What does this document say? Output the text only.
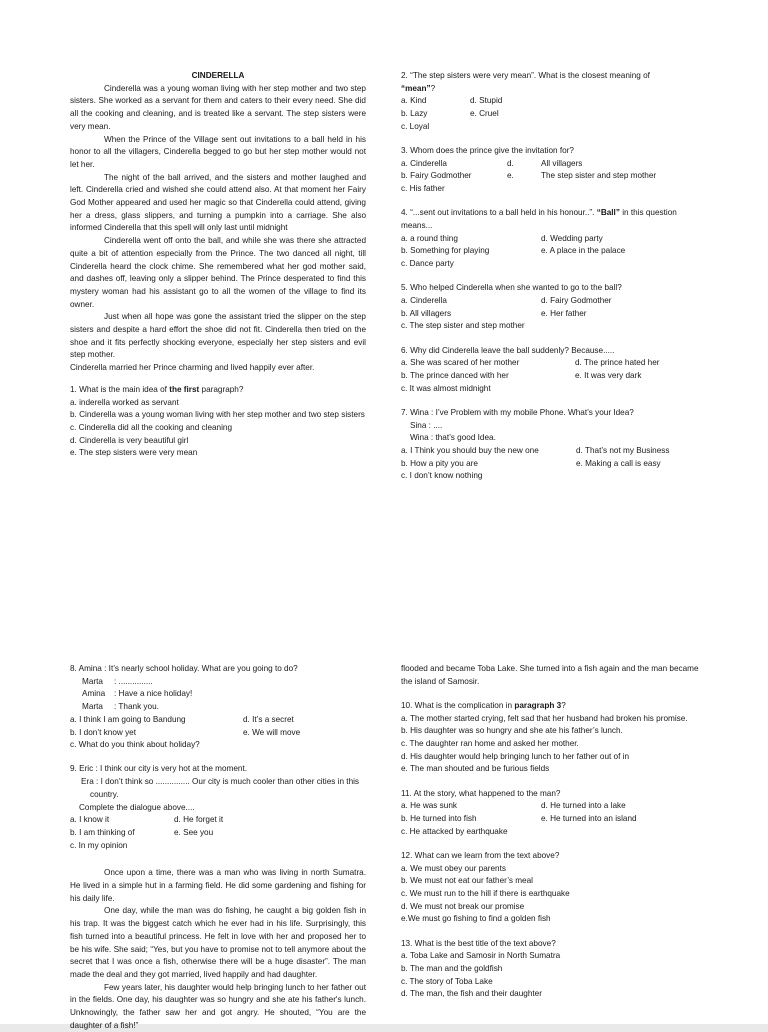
CINDERELLA

Cinderella was a young woman living with her step mother and two step sisters. She worked as a servant for them and caters to their every need. She did all the cooking and cleaning, and is treated like a servant. The step sisters were very mean.

When the Prince of the Village sent out invitations to a ball held in his honor to all the villagers, Cinderella begged to go but her step mother would not let her.

The night of the ball arrived, and the sisters and mother laughed and left. Cinderella cried and wished she could attend also. At that moment her Fairy God Mother appeared and used her magic so that Cinderella could attend, giving her a dress, glass slippers, and turning a pumpkin into a carriage. She also informed Cinderella that this spell will only last until midnight

Cinderella went off onto the ball, and while she was there she attracted quite a bit of attention especially from the Prince. The two danced all night, till Cinderella heard the clock chime. She remembered what her god mother said, and dashes off, leaving only a slipper behind. The Prince desperated to find this mystery woman had his assistant go to all the women of the village to find its owner.

Just when all hope was gone the assistant tried the slipper on the step sisters and despite a hard effort the shoe did not fit. Cinderella then tried on the shoe and it fits perfectly shocking everyone, especially her step sisters and evil step mother.

Cinderella married her Prince charming and lived happily ever after.

1. What is the main idea of the first paragraph?

a. inderella worked as servant

b. Cinderella was a young woman living with her step mother and two step sisters

c. Cinderella did all the cooking and cleaning

d. Cinderella is very beautiful girl

e. The step sisters were very mean

2. “The step sisters were very mean”. What is the closest meaning of

“mean”?

a. Kind	d. Stupid
b. Lazy	e. Cruel
c. Loyal

3. Whom does the prince give the invitation for?

a. Cinderella	d.	All villagers
b. Fairy Godmother	e.	The step sister and step mother
c. His father

4. “...sent out invitations to a ball held in his honour..”. “Ball” in this question means...

a. a round thing	d. Wedding party
b. Something for playing	e. A place in the palace
c. Dance party

5. Who helped Cinderella when she wanted to go to the ball?

a. Cinderella	d. Fairy Godmother
b. All villagers	e. Her father
c. The step sister and step mother

6. Why did Cinderella leave the ball suddenly? Because.....

a. She was scared of her mother	d. The prince hated her
b. The prince danced with her	e. It was very dark
c. It was almost midnight

7. Wina : I’ve Problem with my mobile Phone. What’s your Idea?

Sina : ....

Wina : that’s good Idea.

a. I Think you should buy the new one	d. That’s not my Business
b. How a pity you are	e. Making a call is easy
c. I don’t know nothing

8. Amina : It’s nearly school holiday. What are you going to do?

Marta : ...............

Amina : Have a nice holiday!

Marta : Thank you.

a. I think I am going to Bandung	d. It’s a secret
b. I don’t know yet	e. We will move
c. What do you think about holiday?

9. Eric : I think our city is very hot at the moment.

Era : I don’t think so ............... Our city is much cooler than other cities in this country.

Complete the dialogue above....

a. I know it	d. He forget it
b. I am thinking of	e. See you
c. In my opinion

Once upon a time, there was a man who was living in north Sumatra. He lived in a simple hut in a farming field. He did some gardening and fishing for his daily life.

One day, while the man was do fishing, he caught a big golden fish in his trap. It was the biggest catch which he ever had in his life. Surprisingly, this fish turned into a beautiful princess. He felt in love with her and proposed her to be his wife. She said; “Yes, but you have to promise not to tell anymore about the secret that I was once a fish, otherwise there will be a huge disaster”. The man made the deal and they got married, lived happily and had daughter.

Few years later, his daughter would help bringing lunch to her father out in the fields. One day, his daughter was so hungry and she ate his father's lunch. Unknowingly, the father saw her and got angry. He shouted, “You are the daughter of a fish!”

flooded and became Toba Lake. She turned into a fish again and the man became the island of Samosir.

10. What is the complication in paragraph 3?

a. The mother started crying, felt sad that her husband had broken his promise.

b. His daughter was so hungry and she ate his father’s lunch.

c. The daughter ran home and asked her mother.

d. His daughter would help bringing lunch to her father out of in

e. The man shouted and be furious fields

11. At the story, what happened to the man?

a. He was sunk	d. He turned into a lake
b. He turned into fish	e. He turned into an island
c. He attacked by earthquake

12. What can we learn from the text above?

a. We must obey our parents

b. We must not eat our father’s meal

c. We must run to the hill if there is earthquake

d. We must not break our promise

e.We must go fishing to find a golden fish

13. What is the best title of the text above?

a. Toba Lake and Samosir in North Sumatra

b. The man and the goldfish

c. The story of Toba Lake

d. The man, the fish and their daughter
